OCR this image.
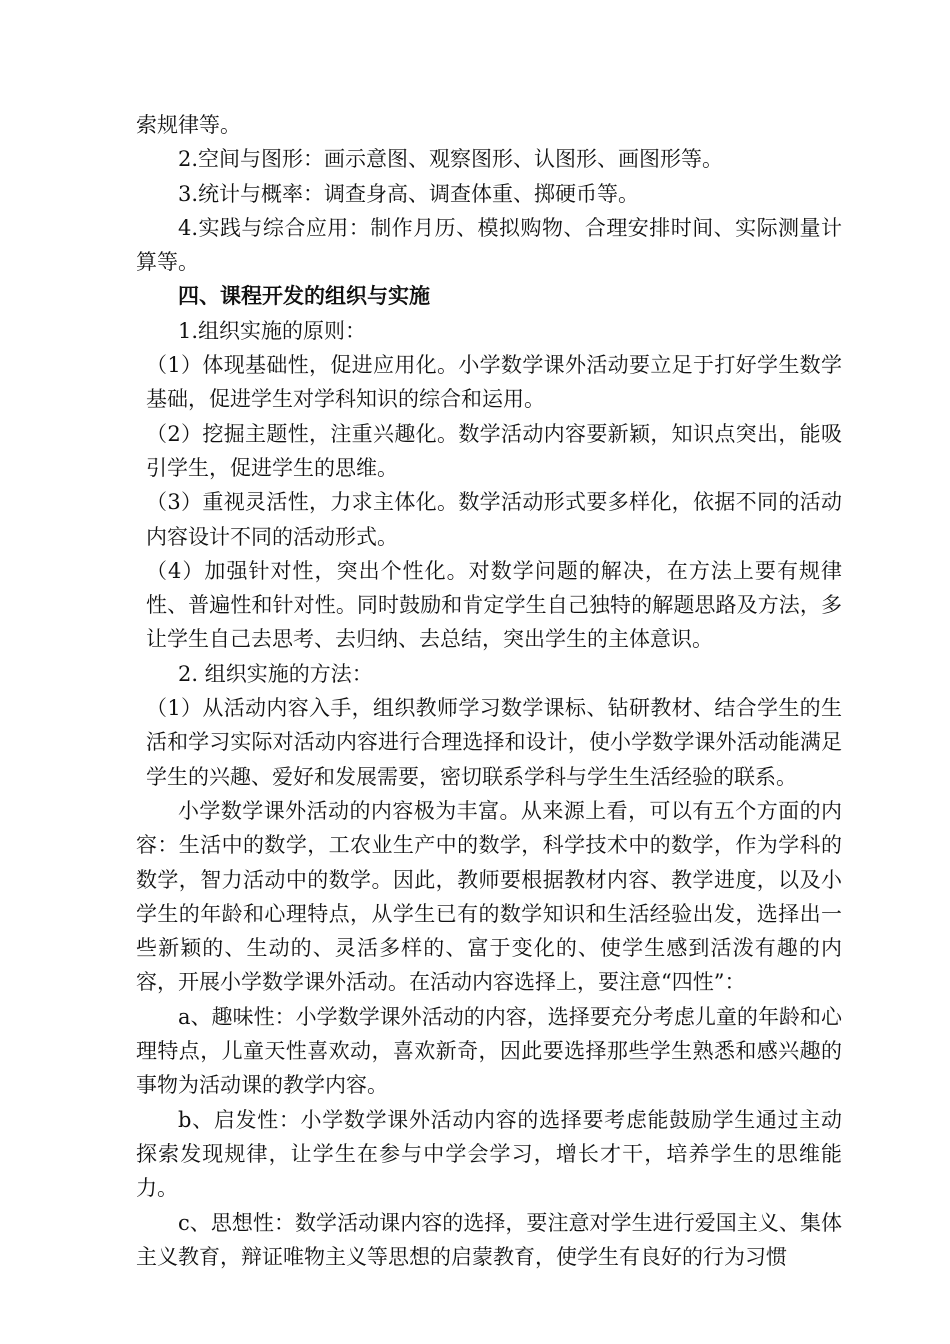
索规律等。

2.空间与图形：画示意图、观察图形、认图形、画图形等。

3.统计与概率：调查身高、调查体重、掷硬币等。

4.实践与综合应用：制作月历、模拟购物、合理安排时间、实际测量计算等。

四、课程开发的组织与实施

1.组织实施的原则：

（1）体现基础性，促进应用化。小学数学课外活动要立足于打好学生数学基础，促进学生对学科知识的综合和运用。

（2）挖掘主题性，注重兴趣化。数学活动内容要新颖，知识点突出，能吸引学生，促进学生的思维。

（3）重视灵活性，力求主体化。数学活动形式要多样化，依据不同的活动内容设计不同的活动形式。

（4）加强针对性，突出个性化。对数学问题的解决，在方法上要有规律性、普遍性和针对性。同时鼓励和肯定学生自己独特的解题思路及方法，多让学生自己去思考、去归纳、去总结，突出学生的主体意识。

2. 组织实施的方法：

（1）从活动内容入手，组织教师学习数学课标、钻研教材、结合学生的生活和学习实际对活动内容进行合理选择和设计，使小学数学课外活动能满足学生的兴趣、爱好和发展需要，密切联系学科与学生生活经验的联系。

小学数学课外活动的内容极为丰富。从来源上看，可以有五个方面的内容：生活中的数学，工农业生产中的数学，科学技术中的数学，作为学科的数学，智力活动中的数学。因此，教师要根据教材内容、教学进度，以及小学生的年龄和心理特点，从学生已有的数学知识和生活经验出发，选择出一些新颖的、生动的、灵活多样的、富于变化的、使学生感到活泼有趣的内容，开展小学数学课外活动。在活动内容选择上，要注意“四性”：

a、趣味性：小学数学课外活动的内容，选择要充分考虑儿童的年龄和心理特点，儿童天性喜欢动，喜欢新奇，因此要选择那些学生熟悉和感兴趣的事物为活动课的教学内容。

b、启发性：小学数学课外活动内容的选择要考虑能鼓励学生通过主动探索发现规律，让学生在参与中学会学习，增长才干，培养学生的思维能力。

c、思想性：数学活动课内容的选择，要注意对学生进行爱国主义、集体主义教育，辩证唯物主义等思想的启蒙教育，使学生有良好的行为习惯
